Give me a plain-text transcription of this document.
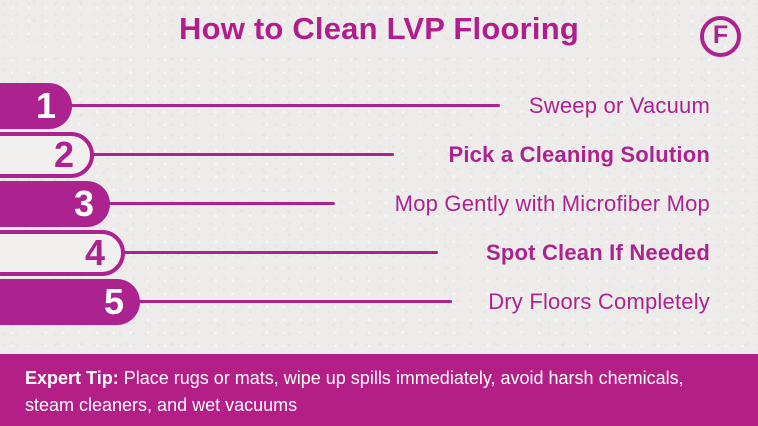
How to Clean LVP Flooring	F
1	Sweep or Vacuum
2	Pick a Cleaning Solution
3	Mop Gently with Microfiber Mop
4	Spot Clean If Needed
5	Dry Floors Completely
Expert Tip: Place rugs or mats, wipe up spills immediately, avoid harsh chemicals, steam cleaners, and wet vacuums
